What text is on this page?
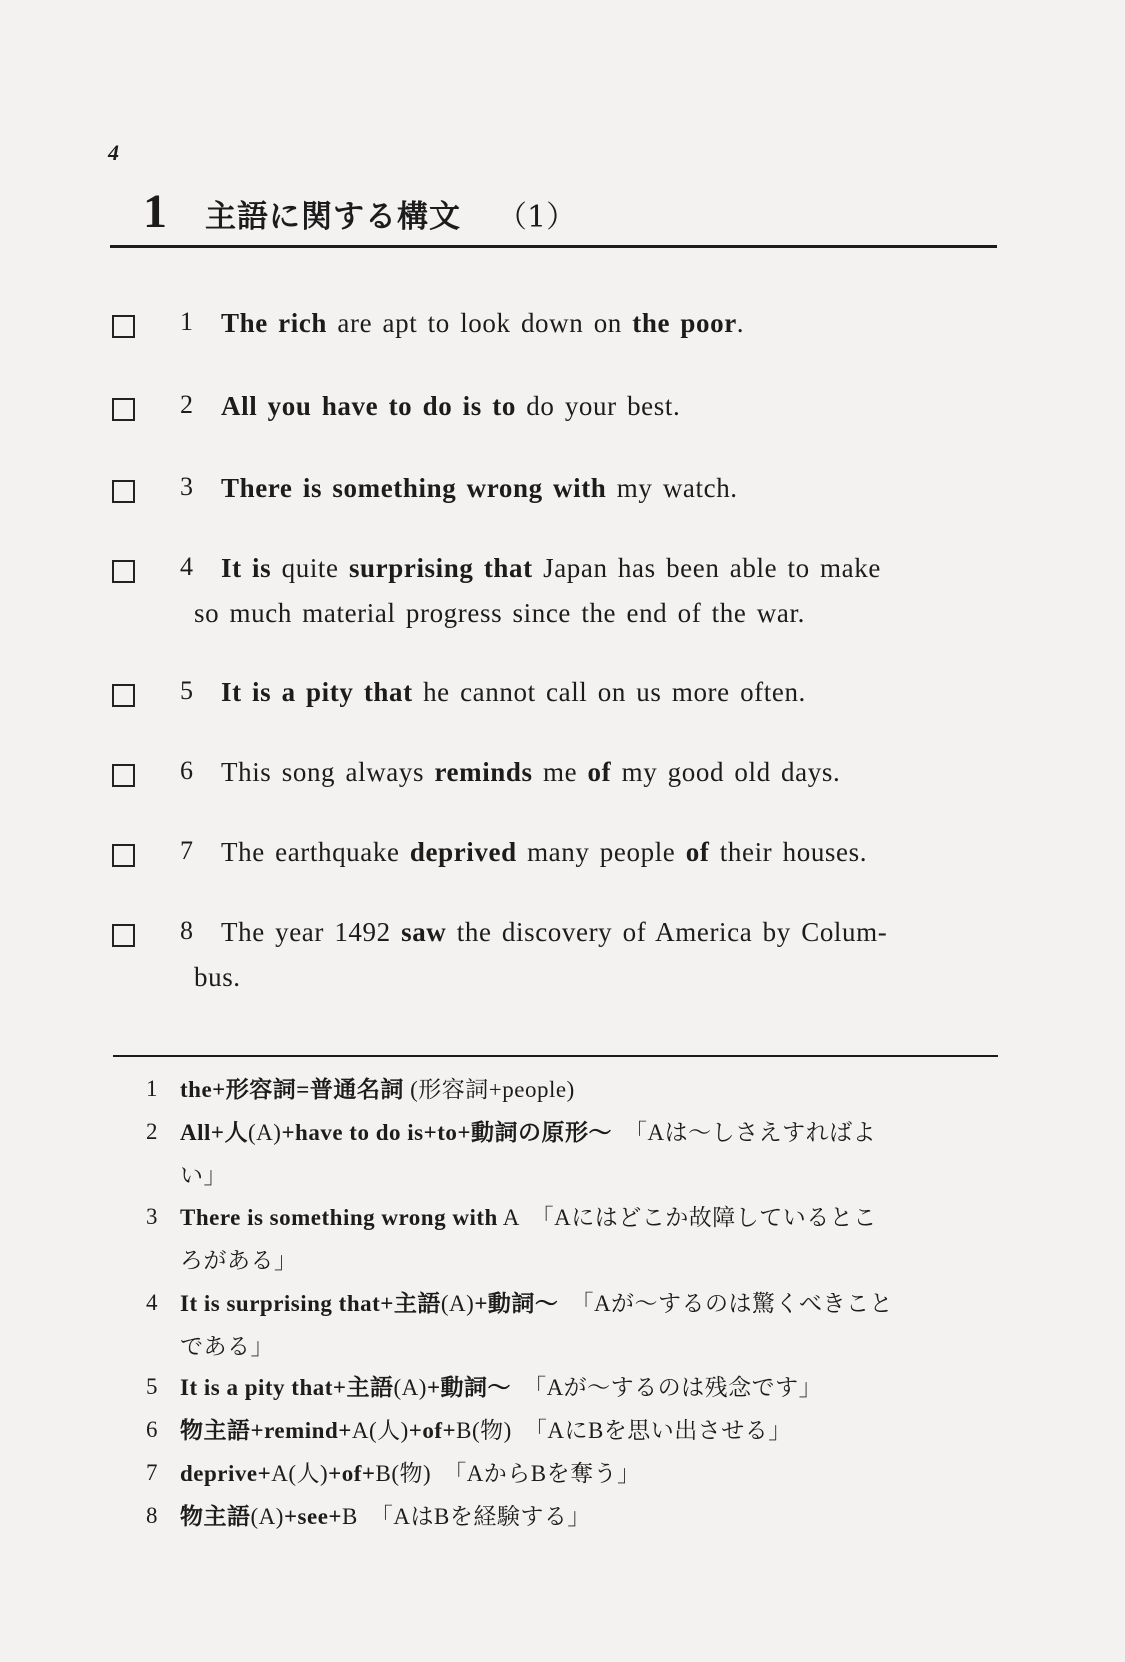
4
1 主語に関する構文 （1）
1 The rich are apt to look down on the poor.
2 All you have to do is to do your best.
3 There is something wrong with my watch.
4 It is quite surprising that Japan has been able to make
so much material progress since the end of the war.
5 It is a pity that he cannot call on us more often.
6 This song always reminds me of my good old days.
7 The earthquake deprived many people of their houses.
8 The year 1492 saw the discovery of America by Colum-
bus.
1 the+形容詞=普通名詞 (形容詞+people)
2 All+人(A)+have to do is+to+動詞の原形〜　「Aは〜しさえすればよ
い」
3 There is something wrong with A　「Aにはどこか故障しているとこ
ろがある」
4 It is surprising that+主語(A)+動詞〜　「Aが〜するのは驚くべきこと
である」
5 It is a pity that+主語(A)+動詞〜　「Aが〜するのは残念です」
6 物主語+remind+A(人)+of+B(物)　「AにBを思い出させる」
7 deprive+A(人)+of+B(物)　「AからBを奪う」
8 物主語(A)+see+B　「AはBを経験する」
